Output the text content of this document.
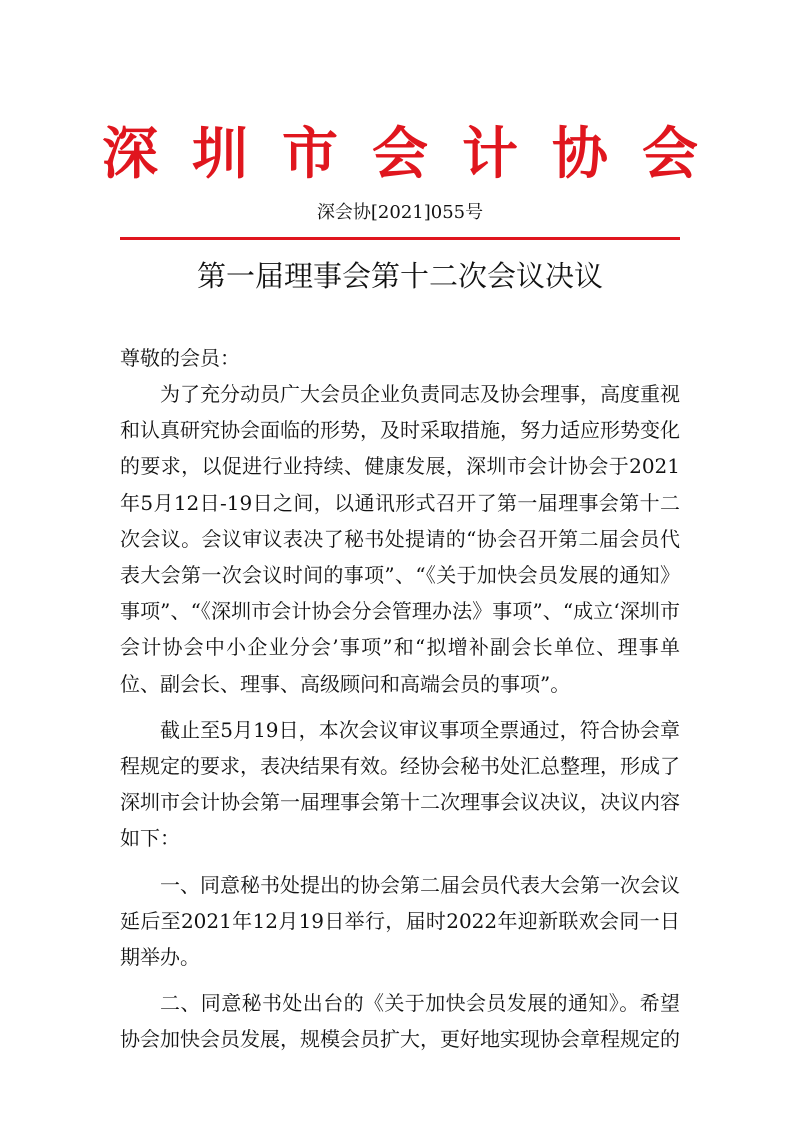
深圳市会计协会
深会协[2021]055号
第一届理事会第十二次会议决议

尊敬的会员：

为了充分动员广大会员企业负责同志及协会理事，高度重视和认真研究协会面临的形势，及时采取措施，努力适应形势变化的要求，以促进行业持续、健康发展，深圳市会计协会于2021年5月12日-19日之间，以通讯形式召开了第一届理事会第十二次会议。会议审议表决了秘书处提请的“协会召开第二届会员代表大会第一次会议时间的事项”、“《关于加快会员发展的通知》事项”、“《深圳市会计协会分会管理办法》事项”、“成立‘深圳市会计协会中小企业分会’事项”和“拟增补副会长单位、理事单位、副会长、理事、高级顾问和高端会员的事项”。

截止至5月19日，本次会议审议事项全票通过，符合协会章程规定的要求，表决结果有效。经协会秘书处汇总整理，形成了深圳市会计协会第一届理事会第十二次理事会议决议，决议内容如下：

一、同意秘书处提出的协会第二届会员代表大会第一次会议延后至2021年12月19日举行，届时2022年迎新联欢会同一日期举办。

二、同意秘书处出台的《关于加快会员发展的通知》。希望协会加快会员发展，规模会员扩大，更好地实现协会章程规定的
